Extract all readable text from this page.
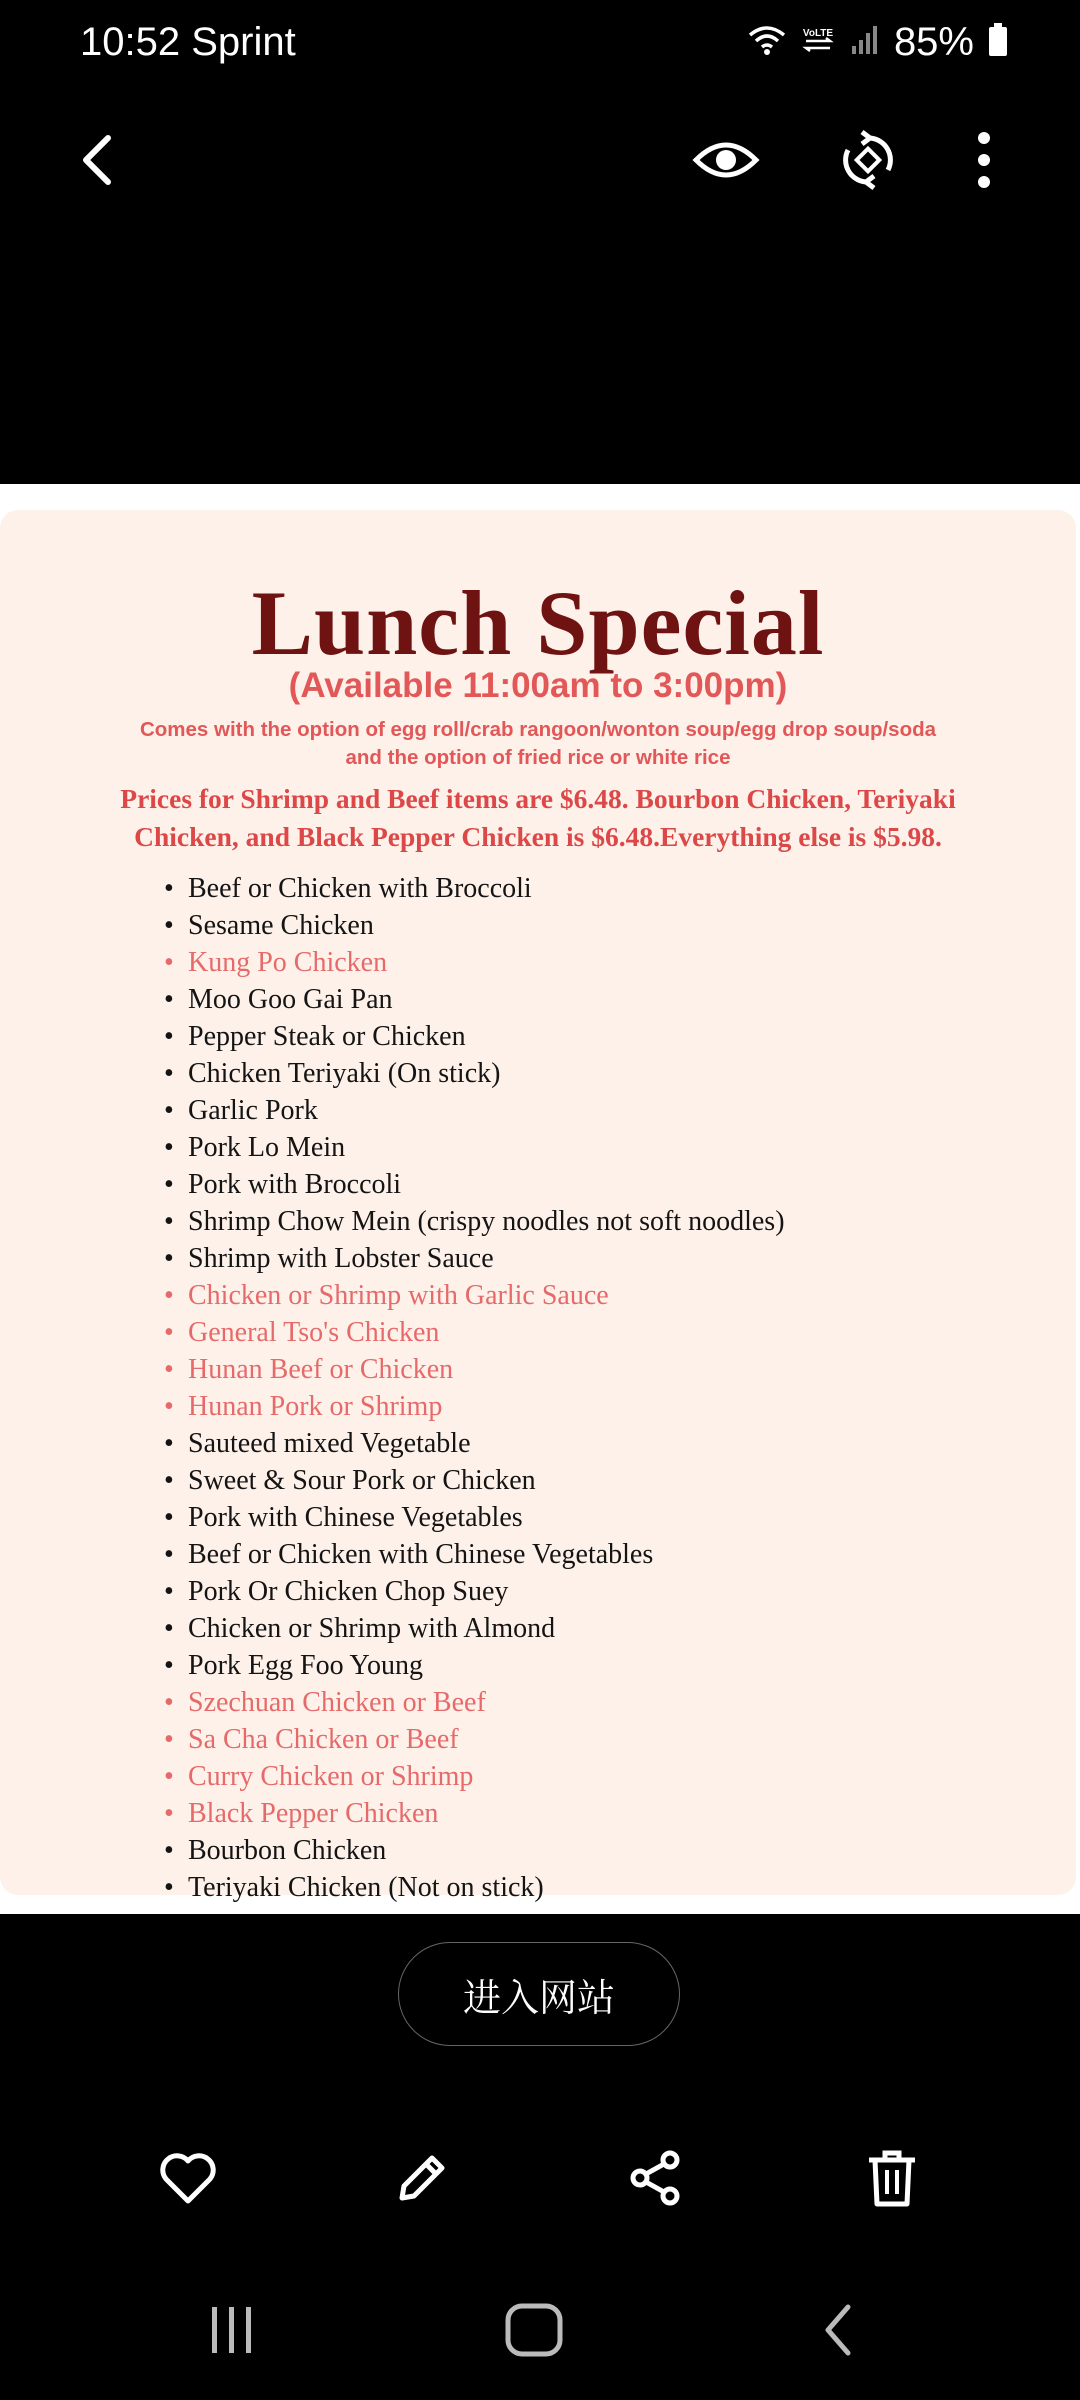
10:52 Sprint	VoLTE 85%
Lunch Special
(Available 11:00am to 3:00pm)
Comes with the option of egg roll/crab rangoon/wonton soup/egg drop soup/soda
and the option of fried rice or white rice
Prices for Shrimp and Beef items are $6.48. Bourbon Chicken, Teriyaki
Chicken, and Black Pepper Chicken is $6.48.Everything else is $5.98.
• Beef or Chicken with Broccoli
• Sesame Chicken
• Kung Po Chicken
• Moo Goo Gai Pan
• Pepper Steak or Chicken
• Chicken Teriyaki (On stick)
• Garlic Pork
• Pork Lo Mein
• Pork with Broccoli
• Shrimp Chow Mein (crispy noodles not soft noodles)
• Shrimp with Lobster Sauce
• Chicken or Shrimp with Garlic Sauce
• General Tso's Chicken
• Hunan Beef or Chicken
• Hunan Pork or Shrimp
• Sauteed mixed Vegetable
• Sweet & Sour Pork or Chicken
• Pork with Chinese Vegetables
• Beef or Chicken with Chinese Vegetables
• Pork Or Chicken Chop Suey
• Chicken or Shrimp with Almond
• Pork Egg Foo Young
• Szechuan Chicken or Beef
• Sa Cha Chicken or Beef
• Curry Chicken or Shrimp
• Black Pepper Chicken
• Bourbon Chicken
• Teriyaki Chicken (Not on stick)
进入网站
